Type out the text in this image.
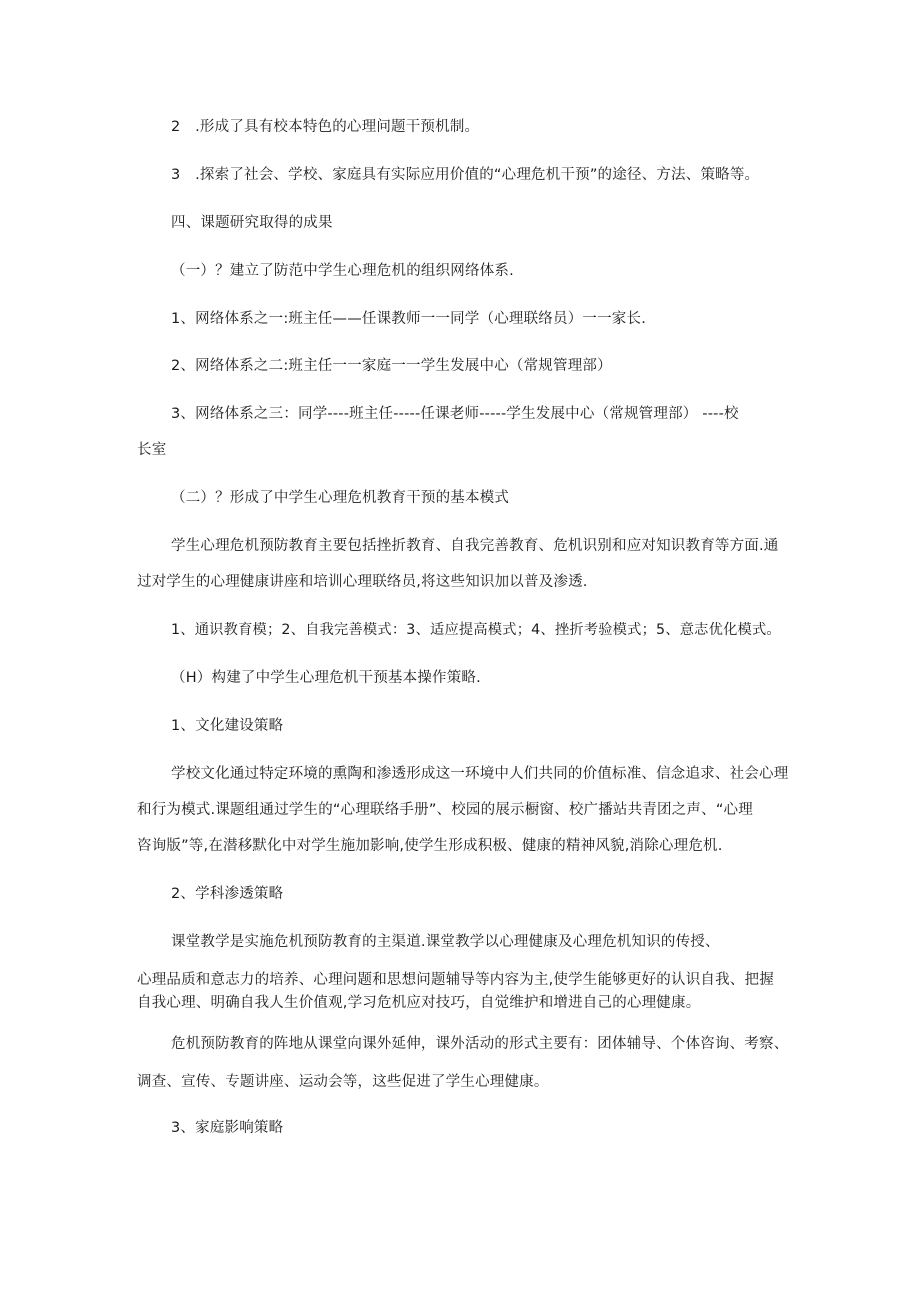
2　.形成了具有校本特色的心理问题干预机制。

3　.探索了社会、学校、家庭具有实际应用价值的“心理危机干预”的途径、方法、策略等。

四、课题研究取得的成果

（一）？建立了防范中学生心理危机的组织网络体系.

1、网络体系之一:班主任——任课教师一一同学（心理联络员）一一家长.

2、网络体系之二:班主任一一家庭一一学生发展中心（常规管理部）

3、网络体系之三：同学----班主任-----任课老师-----学生发展中心（常规管理部） ----校

长室

（二）？形成了中学生心理危机教育干预的基本模式

学生心理危机预防教育主要包括挫折教育、自我完善教育、危机识别和应对知识教育等方面.通

过对学生的心理健康讲座和培训心理联络员,将这些知识加以普及渗透.

1、通识教育模；2、自我完善模式：3、适应提高模式；4、挫折考验模式；5、意志优化模式。

（H）构建了中学生心理危机干预基本操作策略.

1、文化建设策略

学校文化通过特定环境的熏陶和渗透形成这一环境中人们共同的价值标准、信念追求、社会心理

和行为模式.课题组通过学生的“心理联络手册”、校园的展示橱窗、校广播站共青团之声、“心理

咨询版”等,在潜移默化中对学生施加影响,使学生形成积极、健康的精神风貌,消除心理危机.

2、学科渗透策略

课堂教学是实施危机预防教育的主渠道.课堂教学以心理健康及心理危机知识的传授、

心理品质和意志力的培养、心理问题和思想问题辅导等内容为主,使学生能够更好的认识自我、把握

自我心理、明确自我人生价值观,学习危机应对技巧，自觉维护和增进自己的心理健康。

危机预防教育的阵地从课堂向课外延伸，课外活动的形式主要有：团体辅导、个体咨询、考察、

调查、宣传、专题讲座、运动会等，这些促进了学生心理健康。

3、家庭影响策略
